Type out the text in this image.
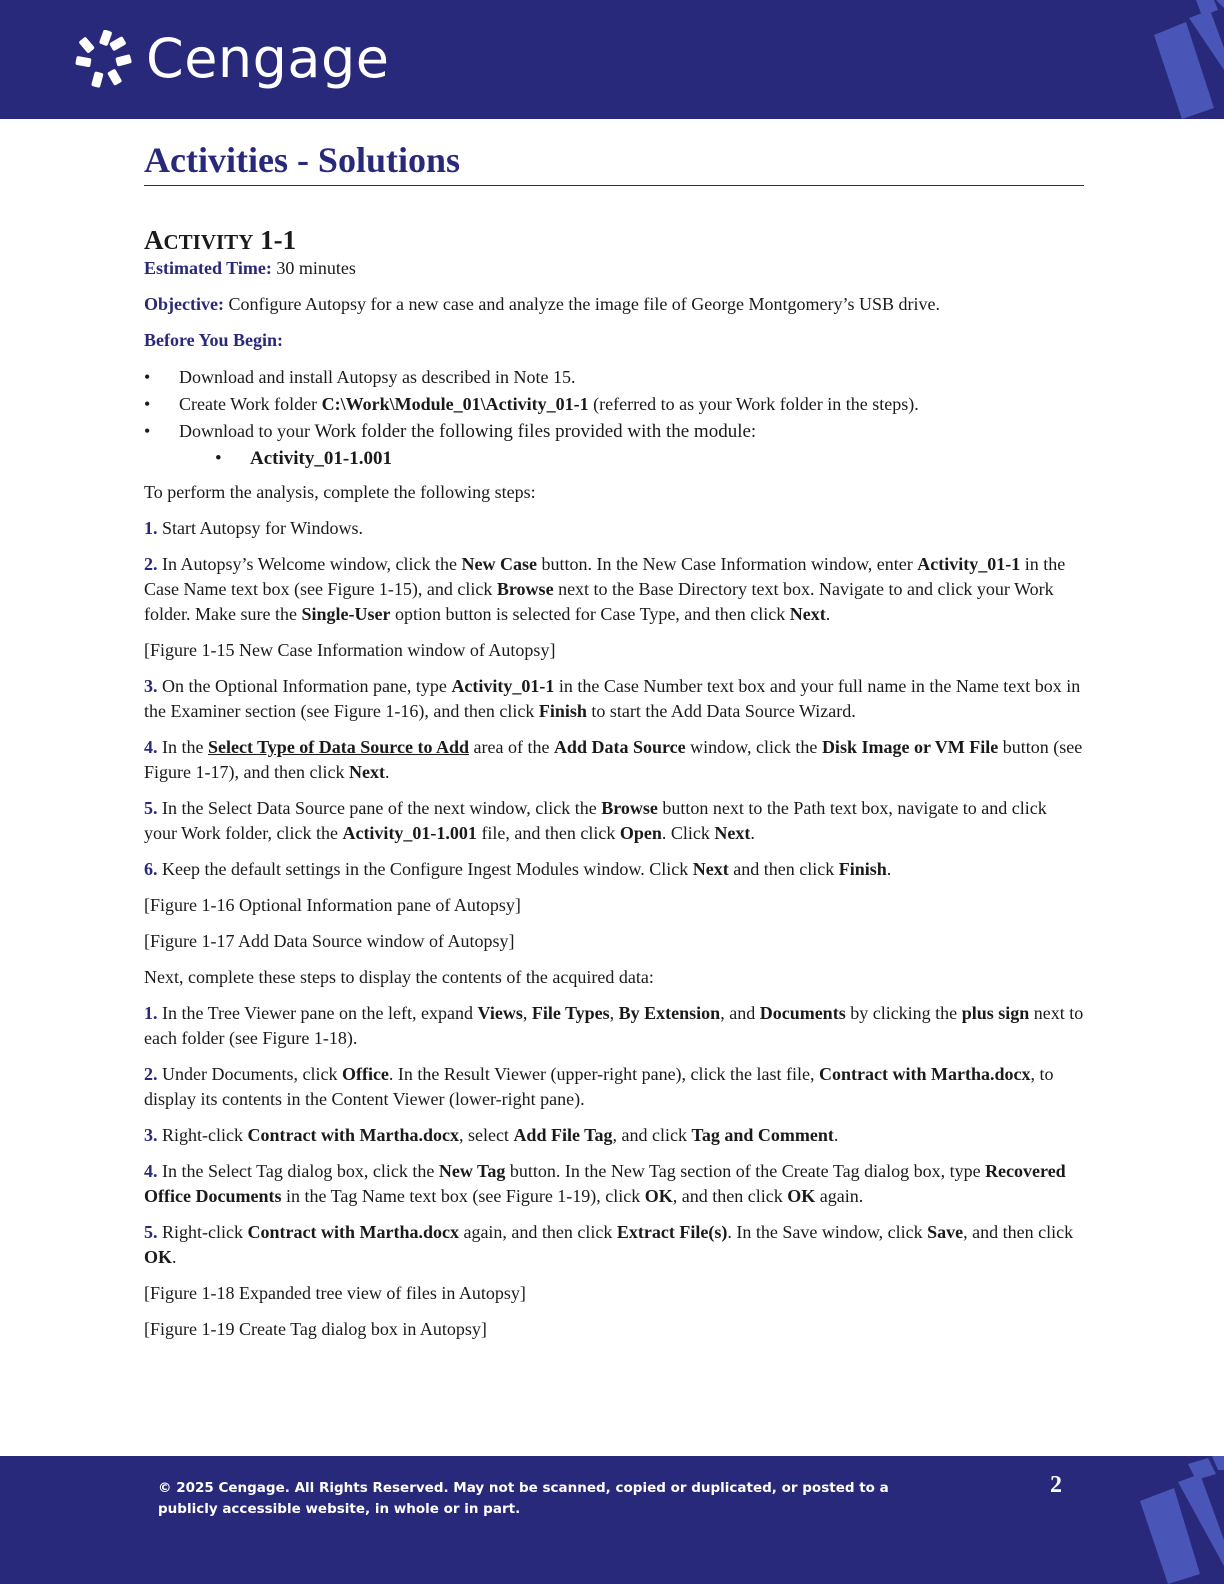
Cengage
Activities - Solutions
ACTIVITY 1-1

Estimated Time: 30 minutes

Objective: Configure Autopsy for a new case and analyze the image file of George Montgomery’s USB drive.

Before You Begin:

• Download and install Autopsy as described in Note 15.
• Create Work folder C:\Work\Module_01\Activity_01-1 (referred to as your Work folder in the steps).
• Download to your Work folder the following files provided with the module:
• Activity_01-1.001

To perform the analysis, complete the following steps:

1. Start Autopsy for Windows.

2. In Autopsy’s Welcome window, click the New Case button. In the New Case Information window, enter Activity_01-1 in the Case Name text box (see Figure 1-15), and click Browse next to the Base Directory text box. Navigate to and click your Work folder. Make sure the Single-User option button is selected for Case Type, and then click Next.

[Figure 1-15 New Case Information window of Autopsy]

3. On the Optional Information pane, type Activity_01-1 in the Case Number text box and your full name in the Name text box in the Examiner section (see Figure 1-16), and then click Finish to start the Add Data Source Wizard.

4. In the Select Type of Data Source to Add area of the Add Data Source window, click the Disk Image or VM File button (see Figure 1-17), and then click Next.

5. In the Select Data Source pane of the next window, click the Browse button next to the Path text box, navigate to and click your Work folder, click the Activity_01-1.001 file, and then click Open. Click Next.

6. Keep the default settings in the Configure Ingest Modules window. Click Next and then click Finish.

[Figure 1-16 Optional Information pane of Autopsy]

[Figure 1-17 Add Data Source window of Autopsy]

Next, complete these steps to display the contents of the acquired data:

1. In the Tree Viewer pane on the left, expand Views, File Types, By Extension, and Documents by clicking the plus sign next to each folder (see Figure 1-18).

2. Under Documents, click Office. In the Result Viewer (upper-right pane), click the last file, Contract with Martha.docx, to display its contents in the Content Viewer (lower-right pane).

3. Right-click Contract with Martha.docx, select Add File Tag, and click Tag and Comment.

4. In the Select Tag dialog box, click the New Tag button. In the New Tag section of the Create Tag dialog box, type Recovered Office Documents in the Tag Name text box (see Figure 1-19), click OK, and then click OK again.

5. Right-click Contract with Martha.docx again, and then click Extract File(s). In the Save window, click Save, and then click OK.

[Figure 1-18 Expanded tree view of files in Autopsy]

[Figure 1-19 Create Tag dialog box in Autopsy]

© 2025 Cengage. All Rights Reserved. May not be scanned, copied or duplicated, or posted to a publicly accessible website, in whole or in part.
2
